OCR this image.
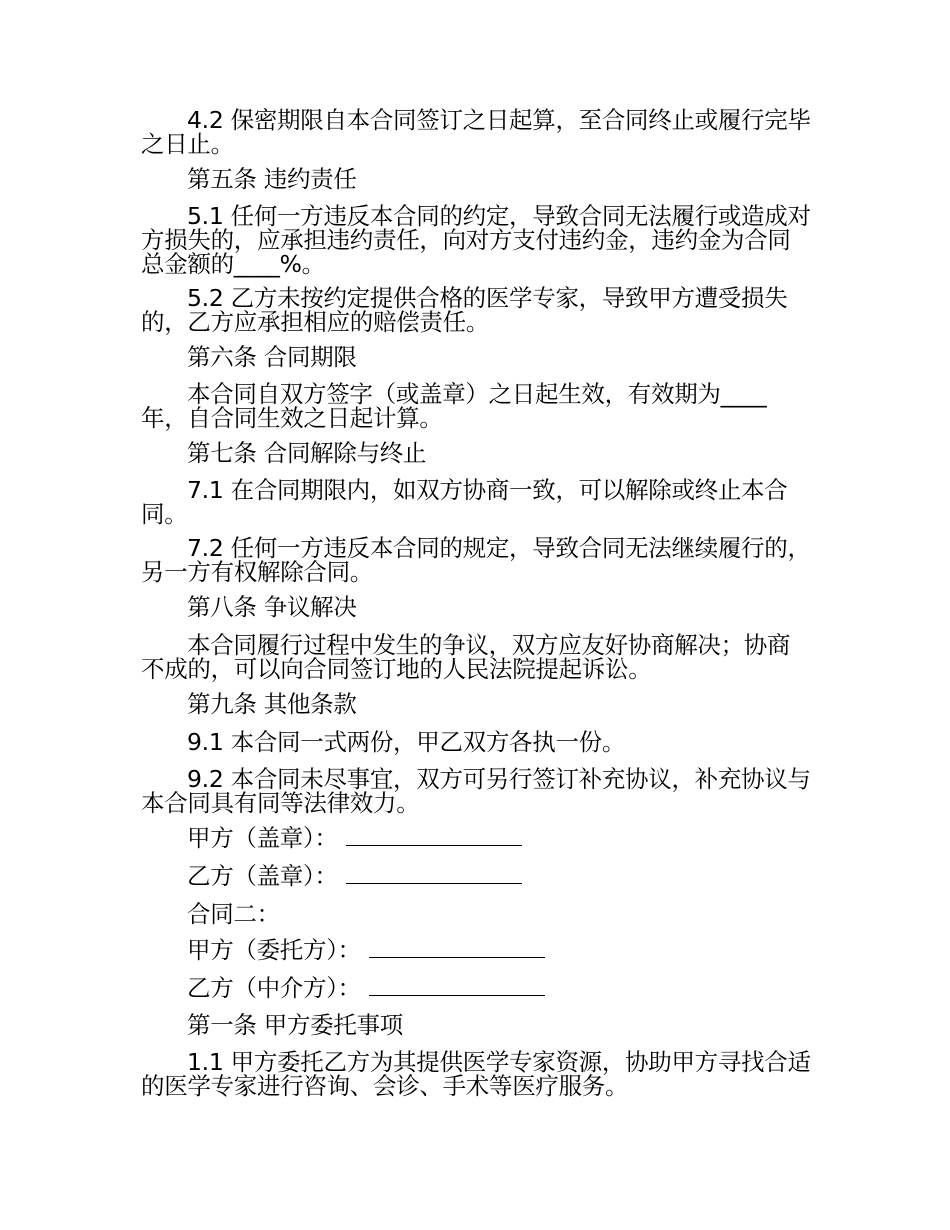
4.2 保密期限自本合同签订之日起算，至合同终止或履行完毕之日止。

第五条 违约责任

5.1 任何一方违反本合同的约定，导致合同无法履行或造成对方损失的，应承担违约责任，向对方支付违约金，违约金为合同总金额的____%。

5.2 乙方未按约定提供合格的医学专家，导致甲方遭受损失的，乙方应承担相应的赔偿责任。

第六条 合同期限

本合同自双方签字（或盖章）之日起生效，有效期为____年，自合同生效之日起计算。

第七条 合同解除与终止

7.1 在合同期限内，如双方协商一致，可以解除或终止本合同。

7.2 任何一方违反本合同的规定，导致合同无法继续履行的，另一方有权解除合同。

第八条 争议解决

本合同履行过程中发生的争议，双方应友好协商解决；协商不成的，可以向合同签订地的人民法院提起诉讼。

第九条 其他条款

9.1 本合同一式两份，甲乙双方各执一份。

9.2 本合同未尽事宜，双方可另行签订补充协议，补充协议与本合同具有同等法律效力。

甲方（盖章）：

乙方（盖章）：

合同二：

甲方（委托方）：

乙方（中介方）：

第一条 甲方委托事项

1.1 甲方委托乙方为其提供医学专家资源，协助甲方寻找合适的医学专家进行咨询、会诊、手术等医疗服务。
